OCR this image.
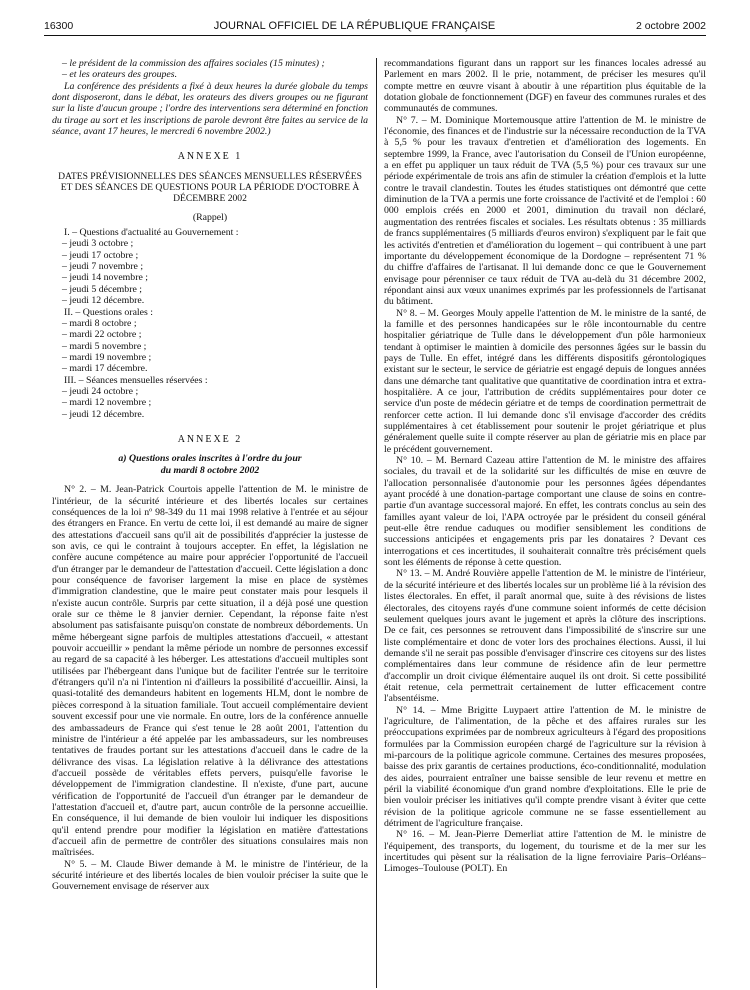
16300	JOURNAL OFFICIEL DE LA RÉPUBLIQUE FRANÇAISE	2 octobre 2002

– le président de la commission des affaires sociales (15 minutes) ;

– et les orateurs des groupes.

La conférence des présidents a fixé à deux heures la durée globale du temps dont disposeront, dans le débat, les orateurs des divers groupes ou ne figurant sur la liste d'aucun groupe ; l'ordre des interventions sera déterminé en fonction du tirage au sort et les inscriptions de parole devront être faites au service de la séance, avant 17 heures, le mercredi 6 novembre 2002.)

ANNEXE 1

DATES PRÉVISIONNELLES DES SÉANCES MENSUELLES RÉSERVÉES ET DES SÉANCES DE QUESTIONS POUR LA PÉRIODE D'OCTOBRE À DÉCEMBRE 2002

(Rappel)

I. – Questions d'actualité au Gouvernement :

– jeudi 3 octobre ;

– jeudi 17 octobre ;

– jeudi 7 novembre ;

– jeudi 14 novembre ;

– jeudi 5 décembre ;

– jeudi 12 décembre.

II. – Questions orales :

– mardi 8 octobre ;

– mardi 22 octobre ;

– mardi 5 novembre ;

– mardi 19 novembre ;

– mardi 17 décembre.

III. – Séances mensuelles réservées :

– jeudi 24 octobre ;

– mardi 12 novembre ;

– jeudi 12 décembre.

ANNEXE 2

a) Questions orales inscrites à l'ordre du jour
du mardi 8 octobre 2002

N° 2. – M. Jean-Patrick Courtois appelle l'attention de M. le ministre de l'intérieur, de la sécurité intérieure et des libertés locales sur certaines conséquences de la loi nº 98-349 du 11 mai 1998 relative à l'entrée et au séjour des étrangers en France. En vertu de cette loi, il est demandé au maire de signer des attestations d'accueil sans qu'il ait de possibilités d'apprécier la justesse de son avis, ce qui le contraint à toujours accepter. En effet, la législation ne confère aucune compétence au maire pour apprécier l'opportunité de l'accueil d'un étranger par le demandeur de l'attestation d'accueil. Cette législation a donc pour conséquence de favoriser largement la mise en place de systèmes d'immigration clandestine, que le maire peut constater mais pour lesquels il n'existe aucun contrôle. Surpris par cette situation, il a déjà posé une question orale sur ce thème le 8 janvier dernier. Cependant, la réponse faite n'est absolument pas satisfaisante puisqu'on constate de nombreux débordements. Un même hébergeant signe parfois de multiples attestations d'accueil, « attestant pouvoir accueillir » pendant la même période un nombre de personnes excessif au regard de sa capacité à les héberger. Les attestations d'accueil multiples sont utilisées par l'hébergeant dans l'unique but de faciliter l'entrée sur le territoire d'étrangers qu'il n'a ni l'intention ni d'ailleurs la possibilité d'accueillir. Ainsi, la quasi-totalité des demandeurs habitent en logements HLM, dont le nombre de pièces correspond à la situation familiale. Tout accueil complémentaire devient souvent excessif pour une vie normale. En outre, lors de la conférence annuelle des ambassadeurs de France qui s'est tenue le 28 août 2001, l'attention du ministre de l'intérieur a été appelée par les ambassadeurs, sur les nombreuses tentatives de fraudes portant sur les attestations d'accueil dans le cadre de la délivrance des visas. La législation relative à la délivrance des attestations d'accueil possède de véritables effets pervers, puisqu'elle favorise le développement de l'immigration clandestine. Il n'existe, d'une part, aucune vérification de l'opportunité de l'accueil d'un étranger par le demandeur de l'attestation d'accueil et, d'autre part, aucun contrôle de la personne accueillie. En conséquence, il lui demande de bien vouloir lui indiquer les dispositions qu'il entend prendre pour modifier la législation en matière d'attestations d'accueil afin de permettre de contrôler des situations consulaires mais non maîtrisées.

N° 5. – M. Claude Biwer demande à M. le ministre de l'intérieur, de la sécurité intérieure et des libertés locales de bien vouloir préciser la suite que le Gouvernement envisage de réserver aux

recommandations figurant dans un rapport sur les finances locales adressé au Parlement en mars 2002. Il le prie, notamment, de préciser les mesures qu'il compte mettre en œuvre visant à aboutir à une répartition plus équitable de la dotation globale de fonctionnement (DGF) en faveur des communes rurales et des communautés de communes.

N° 7. – M. Dominique Mortemousque attire l'attention de M. le ministre de l'économie, des finances et de l'industrie sur la nécessaire reconduction de la TVA à 5,5 % pour les travaux d'entretien et d'amélioration des logements. En septembre 1999, la France, avec l'autorisation du Conseil de l'Union européenne, a en effet pu appliquer un taux réduit de TVA (5,5 %) pour ces travaux sur une période expérimentale de trois ans afin de stimuler la création d'emplois et la lutte contre le travail clandestin. Toutes les études statistiques ont démontré que cette diminution de la TVA a permis une forte croissance de l'activité et de l'emploi : 60 000 emplois créés en 2000 et 2001, diminution du travail non déclaré, augmentation des rentrées fiscales et sociales. Les résultats obtenus : 35 milliards de francs supplémentaires (5 milliards d'euros environ) s'expliquent par le fait que les activités d'entretien et d'amélioration du logement – qui contribuent à une part importante du développement économique de la Dordogne – représentent 71 % du chiffre d'affaires de l'artisanat. Il lui demande donc ce que le Gouvernement envisage pour pérenniser ce taux réduit de TVA au-delà du 31 décembre 2002, répondant ainsi aux vœux unanimes exprimés par les professionnels de l'artisanat du bâtiment.

N° 8. – M. Georges Mouly appelle l'attention de M. le ministre de la santé, de la famille et des personnes handicapées sur le rôle incontournable du centre hospitalier gériatrique de Tulle dans le développement d'un pôle harmonieux tendant à optimiser le maintien à domicile des personnes âgées sur le bassin du pays de Tulle. En effet, intégré dans les différents dispositifs gérontologiques existant sur le secteur, le service de gériatrie est engagé depuis de longues années dans une démarche tant qualitative que quantitative de coordination intra et extra-hospitalière. A ce jour, l'attribution de crédits supplémentaires pour doter ce service d'un poste de médecin gériatre et de temps de coordination permettrait de renforcer cette action. Il lui demande donc s'il envisage d'accorder des crédits supplémentaires à cet établissement pour soutenir le projet gériatrique et plus généralement quelle suite il compte réserver au plan de gériatrie mis en place par le précédent gouvernement.

N° 10. – M. Bernard Cazeau attire l'attention de M. le ministre des affaires sociales, du travail et de la solidarité sur les difficultés de mise en œuvre de l'allocation personnalisée d'autonomie pour les personnes âgées dépendantes ayant procédé à une donation-partage comportant une clause de soins en contre-partie d'un avantage successoral majoré. En effet, les contrats conclus au sein des familles ayant valeur de loi, l'APA octroyée par le président du conseil général peut-elle être rendue caduques ou modifier sensiblement les conditions de successions anticipées et engagements pris par les donataires ? Devant ces interrogations et ces incertitudes, il souhaiterait connaître très précisément quels sont les éléments de réponse à cette question.

N° 13. – M. André Rouvière appelle l'attention de M. le ministre de l'intérieur, de la sécurité intérieure et des libertés locales sur un problème lié à la révision des listes électorales. En effet, il paraît anormal que, suite à des révisions de listes électorales, des citoyens rayés d'une commune soient informés de cette décision seulement quelques jours avant le jugement et après la clôture des inscriptions. De ce fait, ces personnes se retrouvent dans l'impossibilité de s'inscrire sur une liste complémentaire et donc de voter lors des prochaines élections. Aussi, il lui demande s'il ne serait pas possible d'envisager d'inscrire ces citoyens sur des listes complémentaires dans leur commune de résidence afin de leur permettre d'accomplir un droit civique élémentaire auquel ils ont droit. Si cette possibilité était retenue, cela permettrait certainement de lutter efficacement contre l'absentéisme.

N° 14. – Mme Brigitte Luypaert attire l'attention de M. le ministre de l'agriculture, de l'alimentation, de la pêche et des affaires rurales sur les préoccupations exprimées par de nombreux agriculteurs à l'égard des propositions formulées par la Commission européen chargé de l'agriculture sur la révision à mi-parcours de la politique agricole commune. Certaines des mesures proposées, baisse des prix garantis de certaines productions, éco-conditionnalité, modulation des aides, pourraient entraîner une baisse sensible de leur revenu et mettre en péril la viabilité économique d'un grand nombre d'exploitations. Elle le prie de bien vouloir préciser les initiatives qu'il compte prendre visant à éviter que cette révision de la politique agricole commune ne se fasse essentiellement au détriment de l'agriculture française.

N° 16. – M. Jean-Pierre Demerliat attire l'attention de M. le ministre de l'équipement, des transports, du logement, du tourisme et de la mer sur les incertitudes qui pèsent sur la réalisation de la ligne ferroviaire Paris–Orléans–Limoges–Toulouse (POLT). En
